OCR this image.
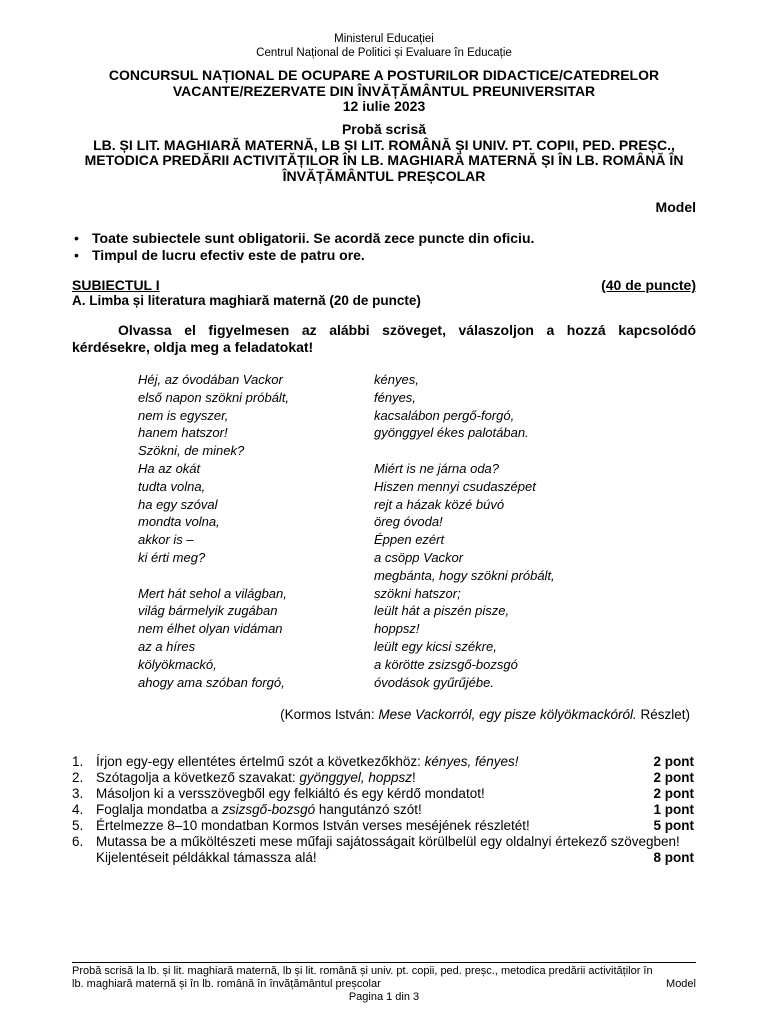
Ministerul Educației
Centrul Național de Politici și Evaluare în Educație
CONCURSUL NAȚIONAL DE OCUPARE A POSTURILOR DIDACTICE/CATEDRELOR
VACANTE/REZERVATE DIN ÎNVĂȚĂMÂNTUL PREUNIVERSITAR
12 iulie 2023
Probă scrisă
LB. ȘI LIT. MAGHIARĂ MATERNĂ, LB ȘI LIT. ROMÂNĂ ȘI UNIV. PT. COPII, PED. PREȘC.,
METODICA PREDĂRII ACTIVITĂȚILOR ÎN LB. MAGHIARĂ MATERNĂ ȘI ÎN LB. ROMÂNĂ ÎN
ÎNVĂȚĂMÂNTUL PREȘCOLAR
Model
• Toate subiectele sunt obligatorii. Se acordă zece puncte din oficiu.
• Timpul de lucru efectiv este de patru ore.
SUBIECTUL I	(40 de puncte)
A. Limba și literatura maghiară maternă (20 de puncte)
Olvassa el figyelmesen az alábbi szöveget, válaszoljon a hozzá kapcsolódó kérdésekre, oldja meg a feladatokat!
Héj, az óvodában Vackor
első napon szökni próbált,
nem is egyszer,
hanem hatszor!
Szökni, de minek?
Ha az okát
tudta volna,
ha egy szóval
mondta volna,
akkor is –
ki érti meg?
Mert hát sehol a világban,
világ bármelyik zugában
nem élhet olyan vidáman
az a híres
kölyökmackó,
ahogy ama szóban forgó,
kényes,
fényes,
kacsalábon pergő-forgó,
gyönggyel ékes palotában.
Miért is ne járna oda?
Hiszen mennyi csudaszépet
rejt a házak közé búvó
öreg óvoda!
Éppen ezért
a csöpp Vackor
megbánta, hogy szökni próbált,
szökni hatszor;
leült hát a piszén pisze,
hoppsz!
leült egy kicsi székre,
a körötte zsizsgő-bozsgó
óvodások gyűrűjébe.
(Kormos István: Mese Vackorról, egy pisze kölyökmackóról. Részlet)
1. Írjon egy-egy ellentétes értelmű szót a következőkhöz: kényes, fényes!	2 pont
2. Szótagolja a következő szavakat: gyönggyel, hoppsz!	2 pont
3. Másoljon ki a versszövegből egy felkiáltó és egy kérdő mondatot!	2 pont
4. Foglalja mondatba a zsizsgő-bozsgó hangutánzó szót!	1 pont
5. Értelmezze 8–10 mondatban Kormos István verses meséjének részletét!	5 pont
6. Mutassa be a műköltészeti mese műfaji sajátosságait körülbelül egy oldalnyi értekező szövegben!
Kijelentéseit példákkal támassza alá!	8 pont
Probă scrisă la lb. și lit. maghiară maternă, lb și lit. română și univ. pt. copii, ped. preșc., metodica predării activităților în
lb. maghiară maternă și în lb. română în învățământul preșcolar	Model
Pagina 1 din 3
